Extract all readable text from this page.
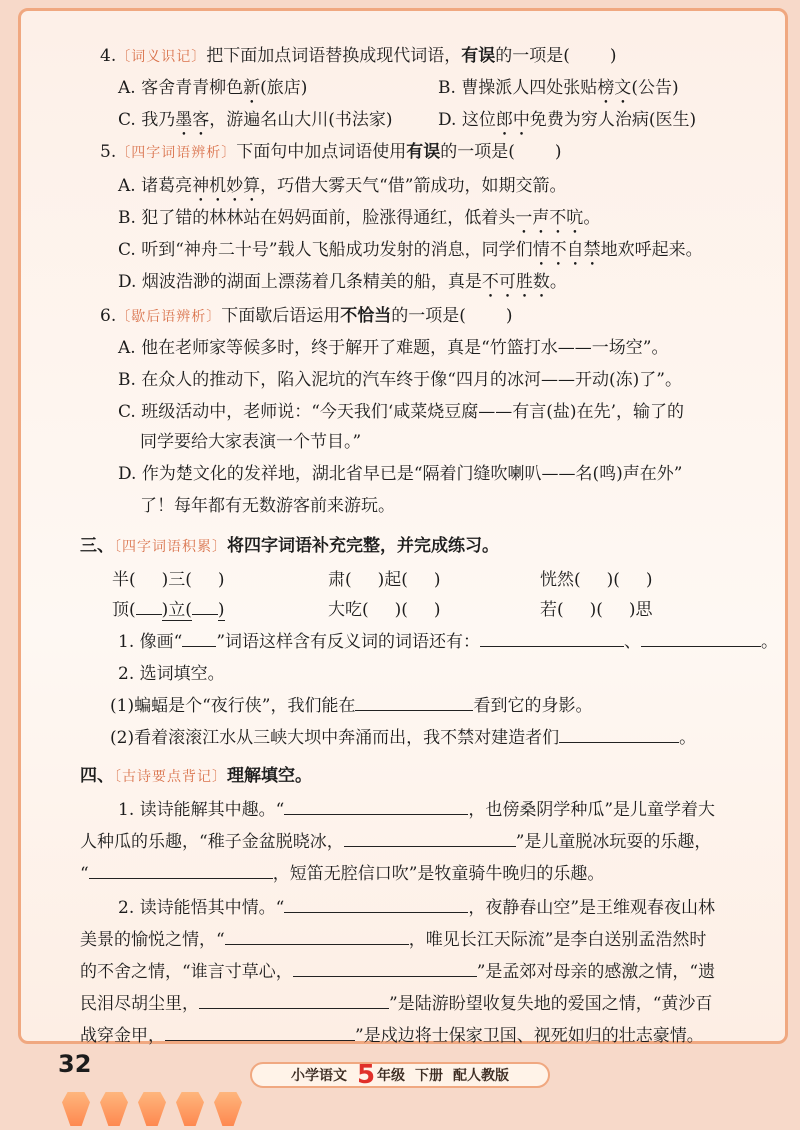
4.〔词义识记〕把下面加点词语替换成现代词语，有误的一项是( )
A. 客舍青青柳色新(旅店)	B. 曹操派人四处张贴榜文(公告)
C. 我乃墨客，游遍名山大川(书法家)	D. 这位郎中免费为穷人治病(医生)
5.〔四字词语辨析〕下面句中加点词语使用有误的一项是( )
A. 诸葛亮神机妙算，巧借大雾天气“借”箭成功，如期交箭。
B. 犯了错的林林站在妈妈面前，脸涨得通红，低着头一声不吭。
C. 听到“神舟二十号”载人飞船成功发射的消息，同学们情不自禁地欢呼起来。
D. 烟波浩渺的湖面上漂荡着几条精美的船，真是不可胜数。
6.〔歇后语辨析〕下面歇后语运用不恰当的一项是( )
A. 他在老师家等候多时，终于解开了难题，真是“竹篮打水——一场空”。
B. 在众人的推动下，陷入泥坑的汽车终于像“四月的冰河——开动(冻)了”。
C. 班级活动中，老师说：“今天我们‘咸菜烧豆腐——有言(盐)在先’，输了的
同学要给大家表演一个节目。”
D. 作为楚文化的发祥地，湖北省早已是“隔着门缝吹喇叭——名(鸣)声在外”
了！每年都有无数游客前来游玩。
三、〔四字词语积累〕将四字词语补充完整，并完成练习。
半( )三( )	肃( )起( )	恍然( )( )
顶( )立( )	大吃( )( )	若( )( )思
1. 像画“ ”词语这样含有反义词的词语还有：	、	。
2. 选词填空。
(1)蝙蝠是个“夜行侠”，我们能在	看到它的身影。
(2)看着滚滚江水从三峡大坝中奔涌而出，我不禁对建造者们	。
四、〔古诗要点背记〕理解填空。
1. 读诗能解其中趣。“	，也傍桑阴学种瓜”是儿童学着大
人种瓜的乐趣，“稚子金盆脱晓冰，	”是儿童脱冰玩耍的乐趣，
“	，短笛无腔信口吹”是牧童骑牛晚归的乐趣。
2. 读诗能悟其中情。“	，夜静春山空”是王维观春夜山林
美景的愉悦之情，“	，唯见长江天际流”是李白送别孟浩然时
的不舍之情，“谁言寸草心，	”是孟郊对母亲的感激之情，“遗
民泪尽胡尘里，	”是陆游盼望收复失地的爱国之情，“黄沙百
战穿金甲，	”是戍边将士保家卫国、视死如归的壮志豪情。
32	小学语文 5 年级 下册 配人教版
